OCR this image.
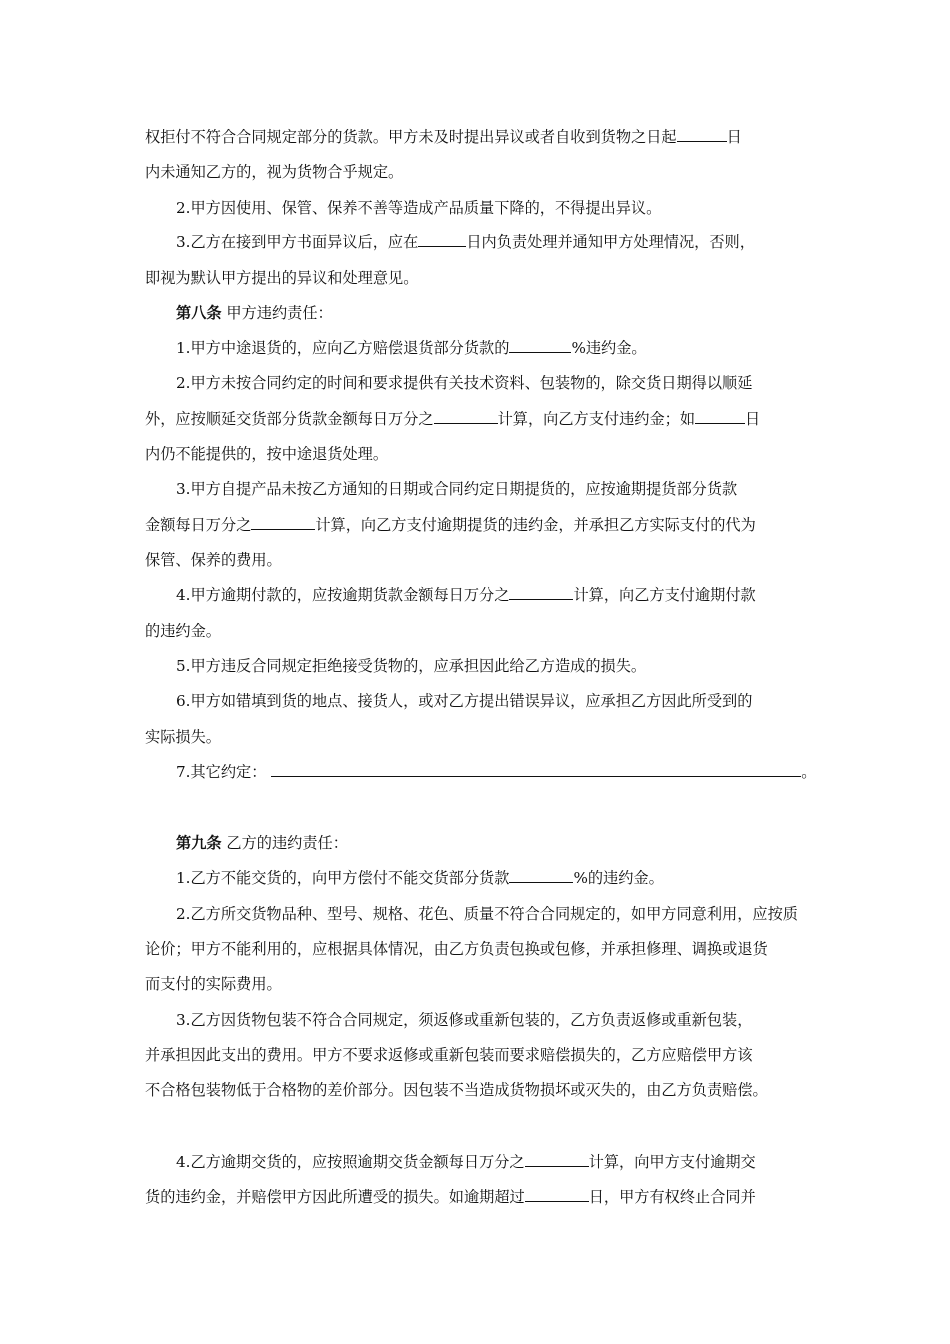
权拒付不符合合同规定部分的货款。甲方未及时提出异议或者自收到货物之日起	日
内未通知乙方的，视为货物合乎规定。
2.甲方因使用、保管、保养不善等造成产品质量下降的，不得提出异议。
3.乙方在接到甲方书面异议后，应在	日内负责处理并通知甲方处理情况，否则，
即视为默认甲方提出的异议和处理意见。
第八条 甲方违约责任：
1.甲方中途退货的，应向乙方赔偿退货部分货款的	%违约金。
2.甲方未按合同约定的时间和要求提供有关技术资料、包装物的，除交货日期得以顺延
外，应按顺延交货部分货款金额每日万分之	计算，向乙方支付违约金；如	日
内仍不能提供的，按中途退货处理。
3.甲方自提产品未按乙方通知的日期或合同约定日期提货的，应按逾期提货部分货款
金额每日万分之	计算，向乙方支付逾期提货的违约金，并承担乙方实际支付的代为
保管、保养的费用。
4.甲方逾期付款的，应按逾期货款金额每日万分之	计算，向乙方支付逾期付款
的违约金。
5.甲方违反合同规定拒绝接受货物的，应承担因此给乙方造成的损失。
6.甲方如错填到货的地点、接货人，或对乙方提出错误异议，应承担乙方因此所受到的
实际损失。
7.其它约定：	。
第九条 乙方的违约责任：
1.乙方不能交货的，向甲方偿付不能交货部分货款	%的违约金。
2.乙方所交货物品种、型号、规格、花色、质量不符合合同规定的，如甲方同意利用，应按质
论价；甲方不能利用的，应根据具体情况，由乙方负责包换或包修，并承担修理、调换或退货
而支付的实际费用。
3.乙方因货物包装不符合合同规定，须返修或重新包装的，乙方负责返修或重新包装，
并承担因此支出的费用。甲方不要求返修或重新包装而要求赔偿损失的，乙方应赔偿甲方该
不合格包装物低于合格物的差价部分。因包装不当造成货物损坏或灭失的，由乙方负责赔偿。
4.乙方逾期交货的，应按照逾期交货金额每日万分之	计算，向甲方支付逾期交
货的违约金，并赔偿甲方因此所遭受的损失。如逾期超过	日，甲方有权终止合同并
